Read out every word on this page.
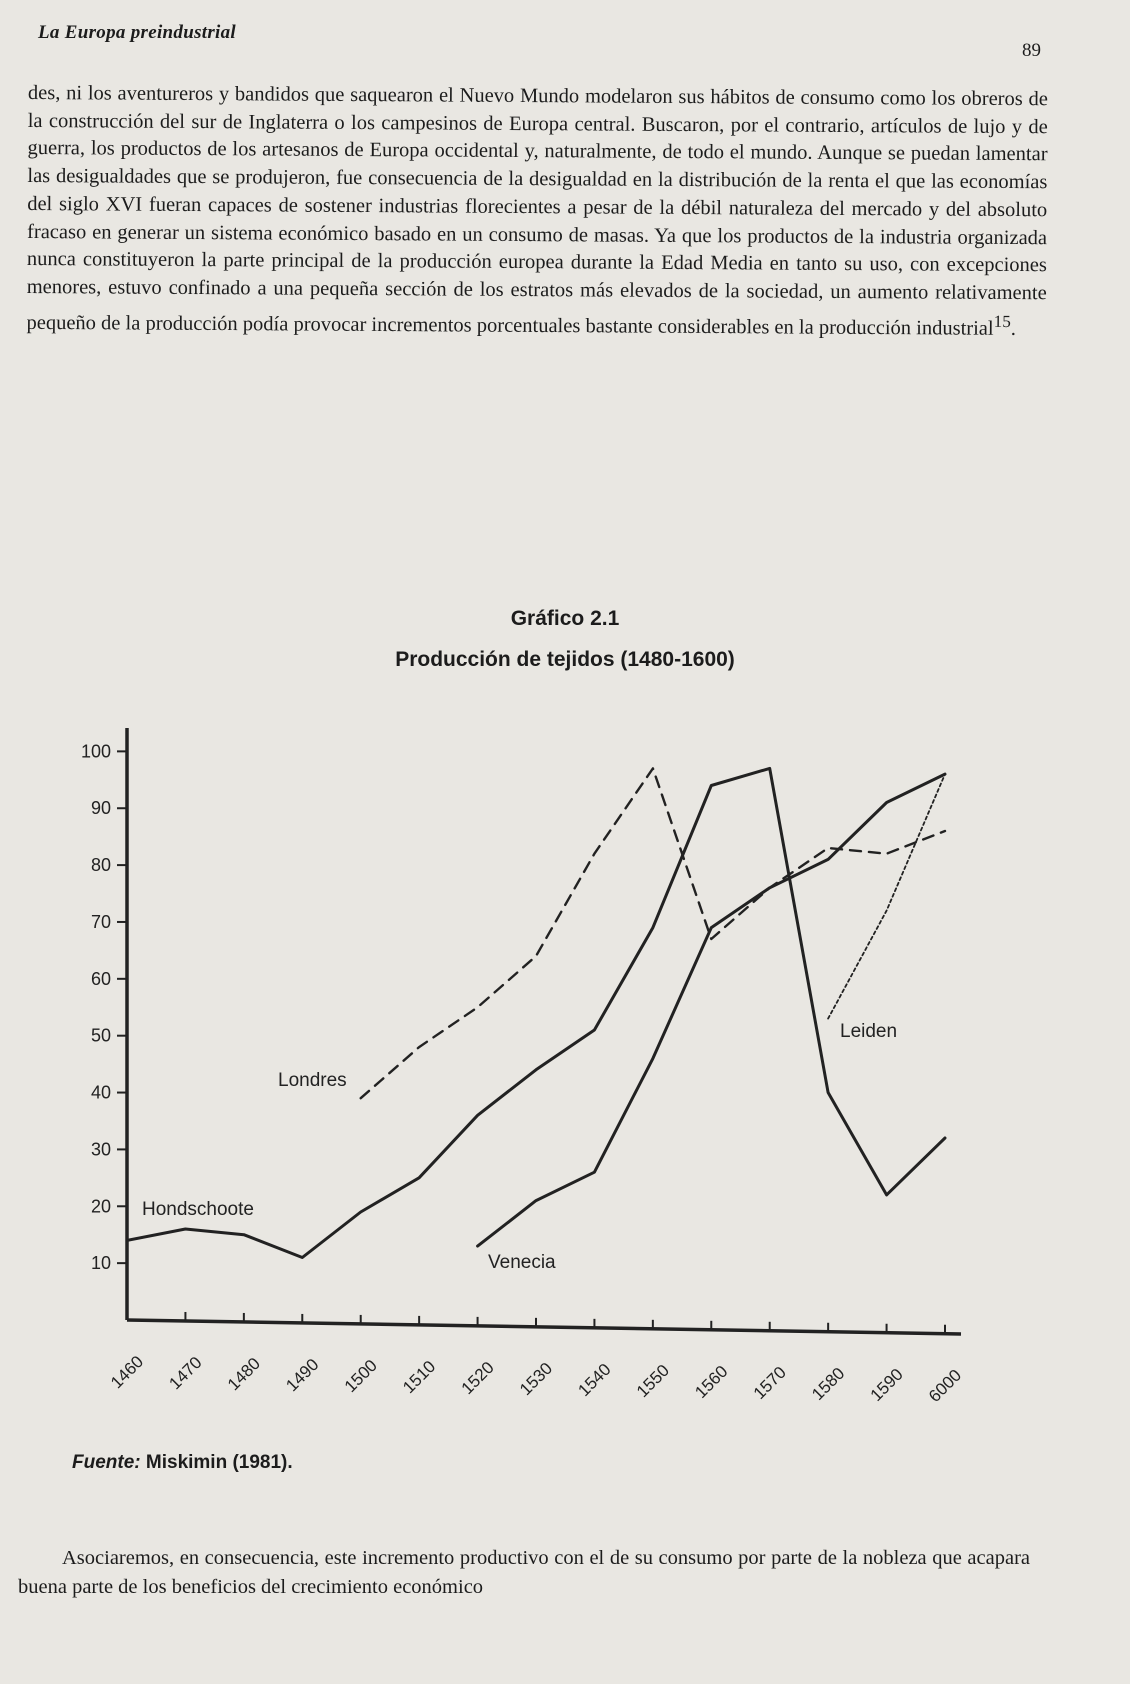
La Europa preindustrial
89
des, ni los aventureros y bandidos que saquearon el Nuevo Mundo modelaron sus hábitos de consumo como los obreros de la construcción del sur de Inglaterra o los campesinos de Europa central. Buscaron, por el contrario, artículos de lujo y de guerra, los productos de los artesanos de Europa occidental y, naturalmente, de todo el mundo. Aunque se puedan lamentar las desigualdades que se produjeron, fue consecuencia de la desigualdad en la distribución de la renta el que las economías del siglo XVI fueran capaces de sostener industrias florecientes a pesar de la débil naturaleza del mercado y del absoluto fracaso en generar un sistema económico basado en un consumo de masas. Ya que los productos de la industria organizada nunca constituyeron la parte principal de la producción europea durante la Edad Media en tanto su uso, con excepciones menores, estuvo confinado a una pequeña sección de los estratos más elevados de la sociedad, un aumento relativamente pequeño de la producción podía provocar incrementos porcentuales bastante considerables en la producción industrial$^{15}$.
Gráfico 2.1
Producción de tejidos (1480-1600)
10
20
30
40
50
60
70
80
90
100
1460 1470 1480 1490 1500 1510 1520 1530 1540 1550 1560 1570 1580 1590 6000
Hondschoote
Londres
Venecia
Leiden
Fuente: Miskimin (1981).
Asociaremos, en consecuencia, este incremento productivo con el de su consumo por parte de la nobleza que acapara buena parte de los beneficios del crecimiento económico
